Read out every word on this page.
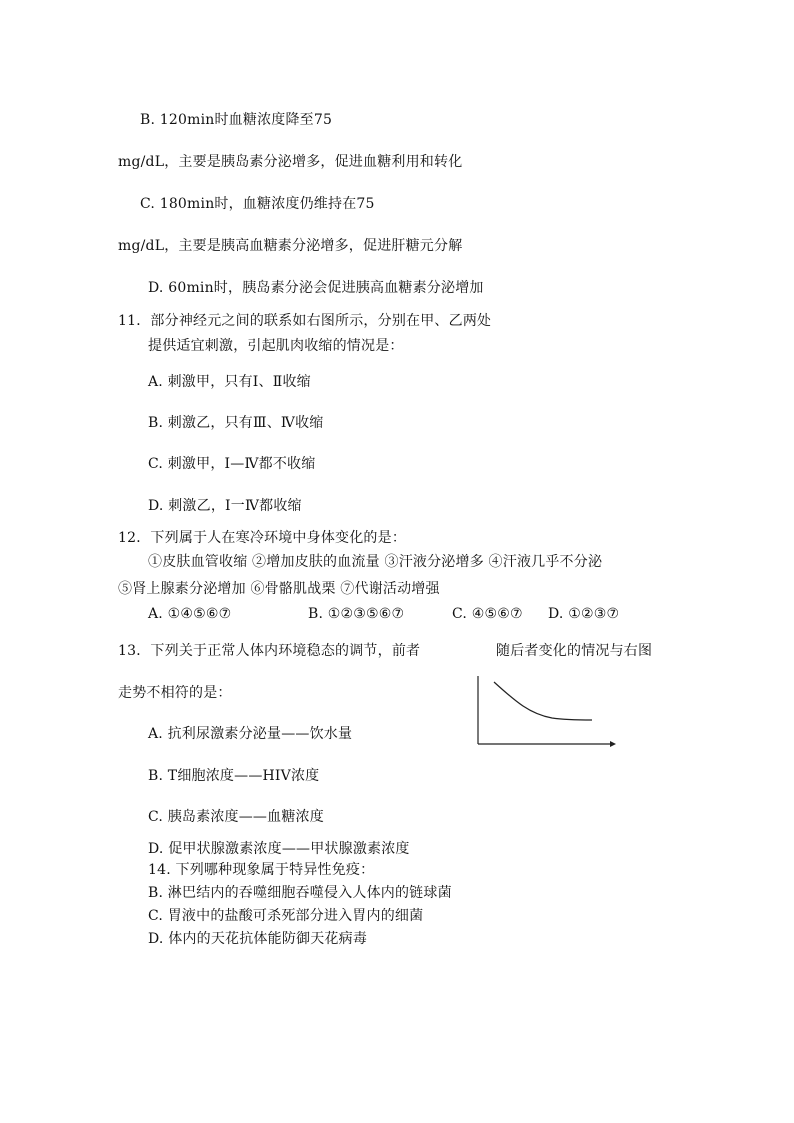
B. 120min时血糖浓度降至75
mg/dL，主要是胰岛素分泌增多，促进血糖利用和转化
C. 180min时，血糖浓度仍维持在75
mg/dL，主要是胰高血糖素分泌增多，促进肝糖元分解
D. 60min时，胰岛素分泌会促进胰高血糖素分泌增加
11．部分神经元之间的联系如右图所示，分别在甲、乙两处
提供适宜刺激，引起肌肉收缩的情况是：
A. 刺激甲，只有I、Ⅱ收缩
B. 刺激乙，只有Ⅲ、Ⅳ收缩
C. 刺激甲，I—Ⅳ都不收缩
D. 刺激乙，I一Ⅳ都收缩
12．下列属于人在寒冷环境中身体变化的是：
①皮肤血管收缩 ②增加皮肤的血流量 ③汗液分泌增多 ④汗液几乎不分泌
⑤肾上腺素分泌增加 ⑥骨骼肌战栗 ⑦代谢活动增强
A. ①④⑤⑥⑦	B. ①②③⑤⑥⑦	C. ④⑤⑥⑦ D. ①②③⑦
13．下列关于正常人体内环境稳态的调节，前者	随后者变化的情况与右图
走势不相符的是：
A. 抗利尿激素分泌量——饮水量
B. T细胞浓度——HIV浓度
C. 胰岛素浓度——血糖浓度
D. 促甲状腺激素浓度——甲状腺激素浓度
14. 下列哪种现象属于特异性免疫：
B. 淋巴结内的吞噬细胞吞噬侵入人体内的链球菌
C. 胃液中的盐酸可杀死部分进入胃内的细菌
D. 体内的天花抗体能防御天花病毒
